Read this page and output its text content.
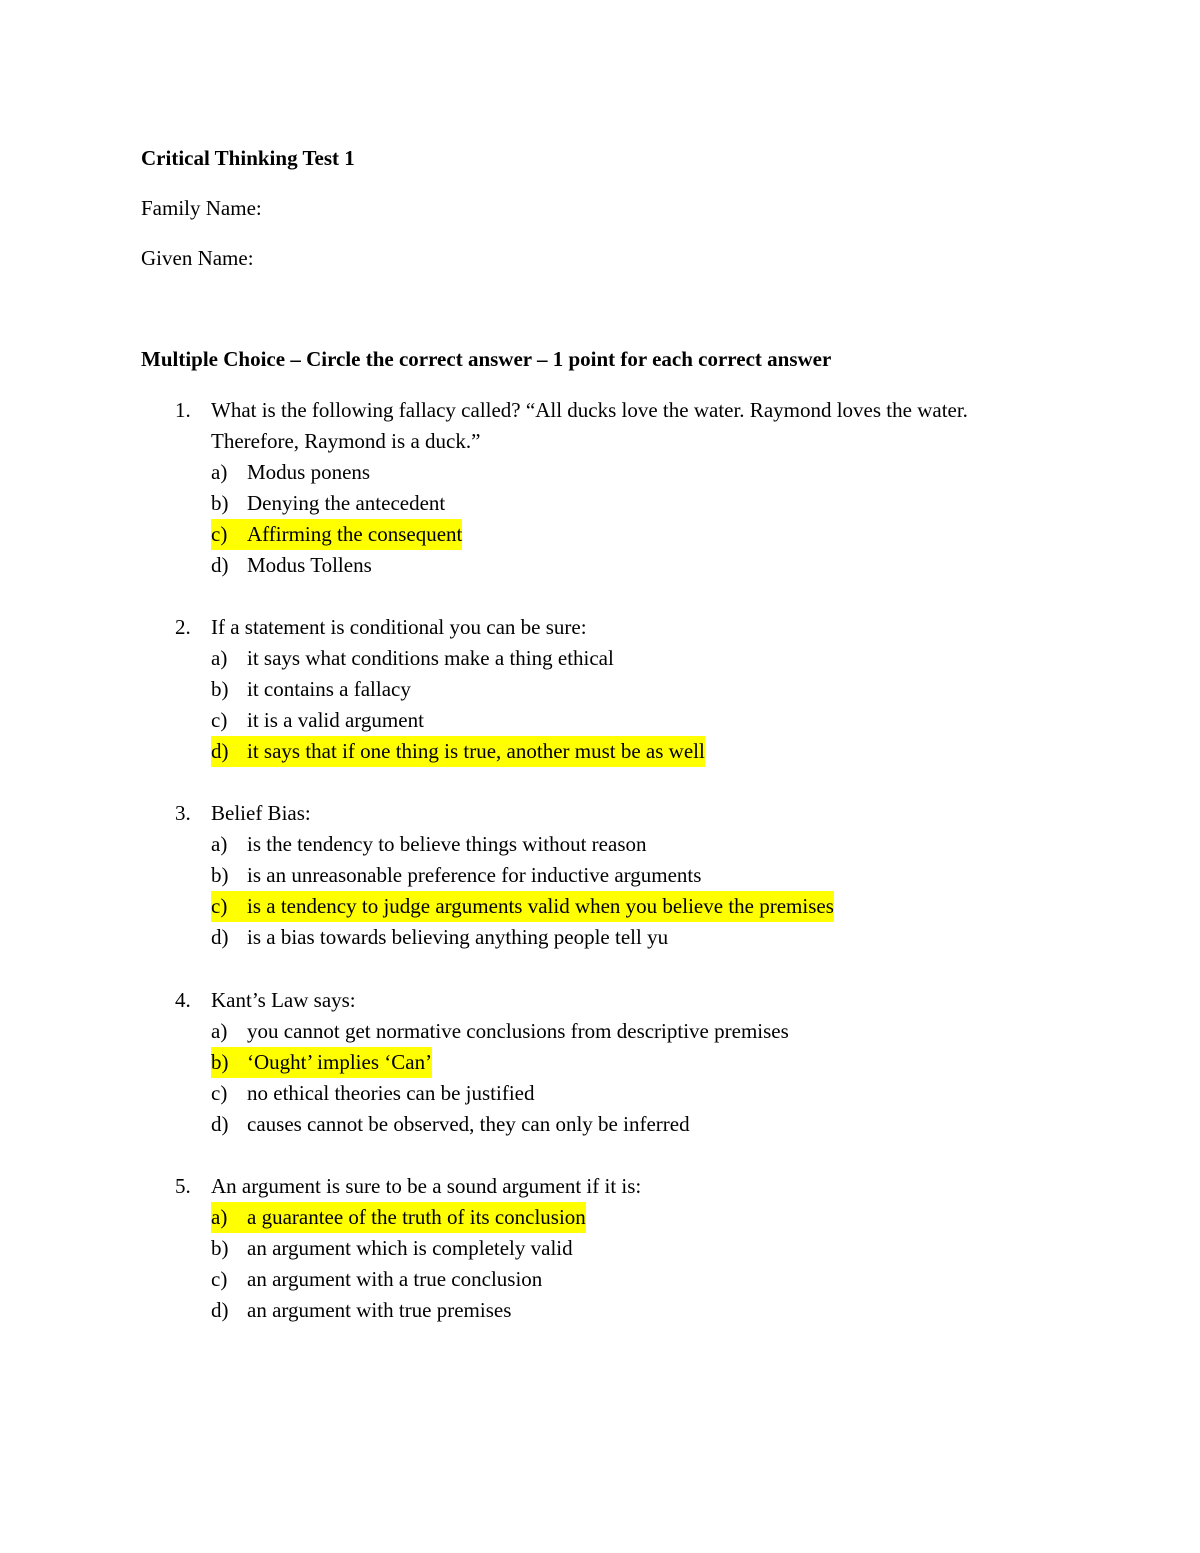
Critical Thinking Test 1
Family Name:
Given Name:
Multiple Choice – Circle the correct answer – 1 point for each correct answer
1. What is the following fallacy called? “All ducks love the water. Raymond loves the water. Therefore, Raymond is a duck.”
a) Modus ponens
b) Denying the antecedent
c) Affirming the consequent
d) Modus Tollens
2. If a statement is conditional you can be sure:
a) it says what conditions make a thing ethical
b) it contains a fallacy
c) it is a valid argument
d) it says that if one thing is true, another must be as well
3. Belief Bias:
a) is the tendency to believe things without reason
b) is an unreasonable preference for inductive arguments
c) is a tendency to judge arguments valid when you believe the premises
d) is a bias towards believing anything people tell yu
4. Kant’s Law says:
a) you cannot get normative conclusions from descriptive premises
b) ‘Ought’ implies ‘Can’
c) no ethical theories can be justified
d) causes cannot be observed, they can only be inferred
5. An argument is sure to be a sound argument if it is:
a) a guarantee of the truth of its conclusion
b) an argument which is completely valid
c) an argument with a true conclusion
d) an argument with true premises
